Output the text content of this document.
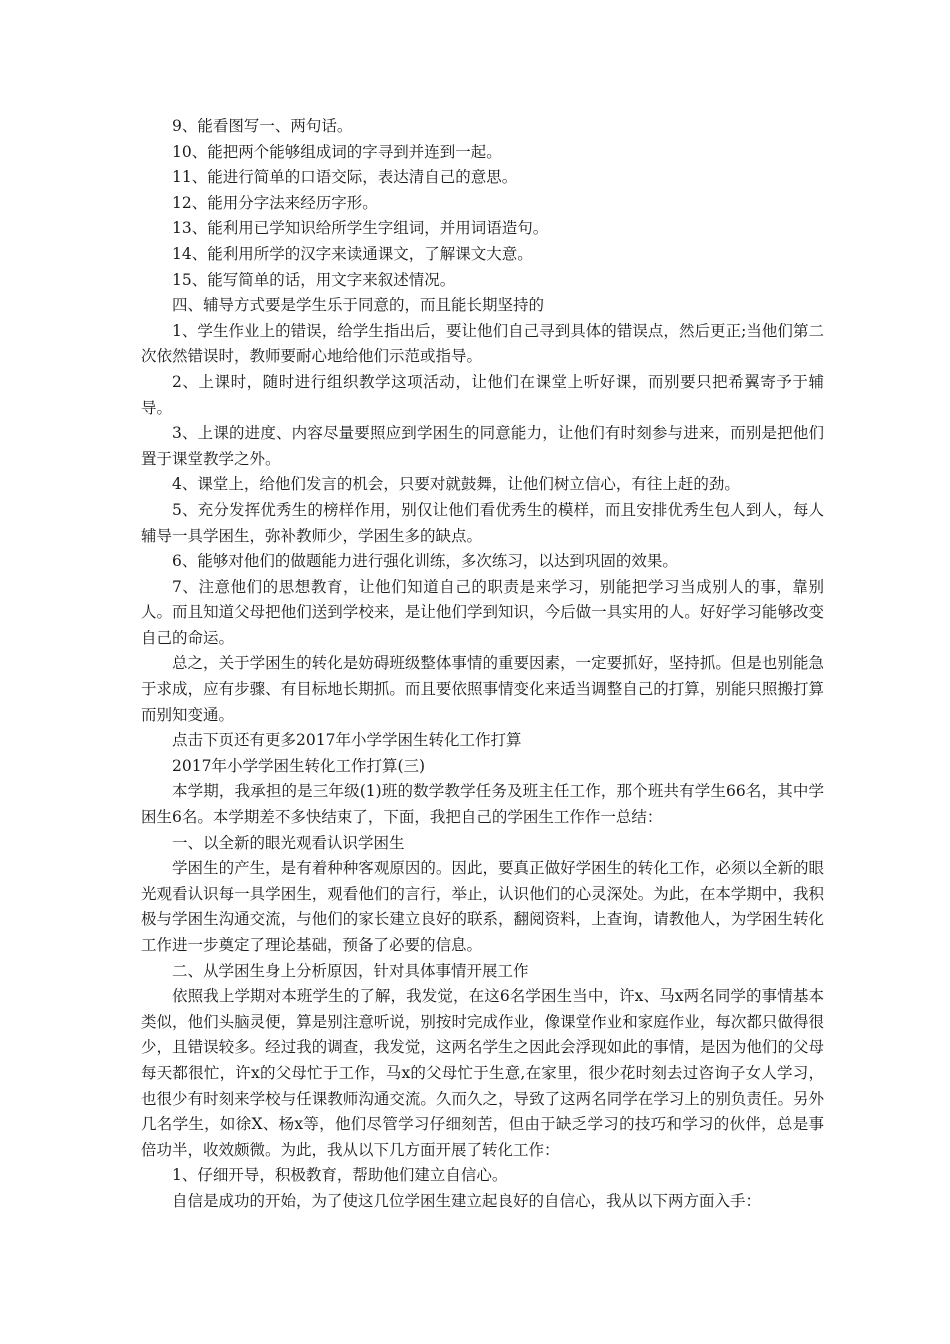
9、能看图写一、两句话。

10、能把两个能够组成词的字寻到并连到一起。

11、能进行简单的口语交际，表达清自己的意思。

12、能用分字法来经历字形。

13、能利用已学知识给所学生字组词，并用词语造句。

14、能利用所学的汉字来读通课文，了解课文大意。

15、能写简单的话，用文字来叙述情况。

四、辅导方式要是学生乐于同意的，而且能长期坚持的

1、学生作业上的错误，给学生指出后，要让他们自己寻到具体的错误点，然后更正;当他们第二次依然错误时，教师要耐心地给他们示范或指导。

2、上课时，随时进行组织教学这项活动，让他们在课堂上听好课，而别要只把希翼寄予于辅导。

3、上课的进度、内容尽量要照应到学困生的同意能力，让他们有时刻参与进来，而别是把他们置于课堂教学之外。

4、课堂上，给他们发言的机会，只要对就鼓舞，让他们树立信心，有往上赶的劲。

5、充分发挥优秀生的榜样作用，别仅让他们看优秀生的模样，而且安排优秀生包人到人，每人辅导一具学困生，弥补教师少，学困生多的缺点。

6、能够对他们的做题能力进行强化训练，多次练习，以达到巩固的效果。

7、注意他们的思想教育，让他们知道自己的职责是来学习，别能把学习当成别人的事，靠别人。而且知道父母把他们送到学校来，是让他们学到知识，今后做一具实用的人。好好学习能够改变自己的命运。

总之，关于学困生的转化是妨碍班级整体事情的重要因素，一定要抓好，坚持抓。但是也别能急于求成，应有步骤、有目标地长期抓。而且要依照事情变化来适当调整自己的打算，别能只照搬打算而别知变通。

点击下页还有更多2017年小学学困生转化工作打算

2017年小学学困生转化工作打算(三)

本学期，我承担的是三年级(1)班的数学教学任务及班主任工作，那个班共有学生66名，其中学困生6名。本学期差不多快结束了，下面，我把自己的学困生工作作一总结：

一、以全新的眼光观看认识学困生

学困生的产生，是有着种种客观原因的。因此，要真正做好学困生的转化工作，必须以全新的眼光观看认识每一具学困生，观看他们的言行，举止，认识他们的心灵深处。为此，在本学期中，我积极与学困生沟通交流，与他们的家长建立良好的联系，翻阅资料，上查询，请教他人，为学困生转化工作进一步奠定了理论基础，预备了必要的信息。

二、从学困生身上分析原因，针对具体事情开展工作

依照我上学期对本班学生的了解，我发觉，在这6名学困生当中，许x、马x两名同学的事情基本类似，他们头脑灵便，算是别注意听说，别按时完成作业，像课堂作业和家庭作业，每次都只做得很少，且错误较多。经过我的调查，我发觉，这两名学生之因此会浮现如此的事情，是因为他们的父母每天都很忙，许x的父母忙于工作，马x的父母忙于生意,在家里，很少花时刻去过咨询子女人学习，也很少有时刻来学校与任课教师沟通交流。久而久之，导致了这两名同学在学习上的别负责任。另外几名学生，如徐X、杨x等，他们尽管学习仔细刻苦，但由于缺乏学习的技巧和学习的伙伴，总是事倍功半，收效颇微。为此，我从以下几方面开展了转化工作：

1、仔细开导，积极教育，帮助他们建立自信心。

自信是成功的开始，为了使这几位学困生建立起良好的自信心，我从以下两方面入手：
